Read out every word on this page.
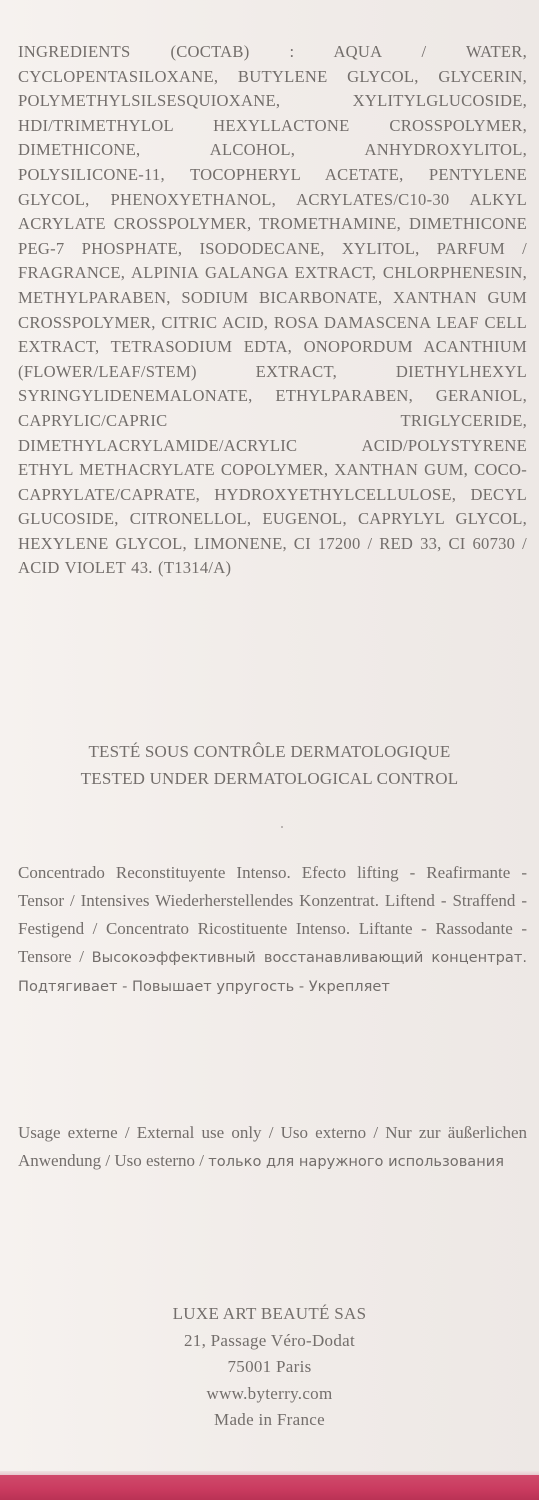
INGREDIENTS (COCTAB) : AQUA / WATER, CYCLOPENTASILOXANE, BUTYLENE GLYCOL, GLYCERIN, POLYMETHYLSILSESQUIOXANE, XYLITYLGLUCOSIDE, HDI/TRIMETHYLOL HEXYLLACTONE CROSSPOLYMER, DIMETHICONE, ALCOHOL, ANHYDROXYLITOL, POLYSILICONE-11, TOCOPHERYL ACETATE, PENTYLENE GLYCOL, PHENOXYETHANOL, ACRYLATES/C10-30 ALKYL ACRYLATE CROSSPOLYMER, TROMETHAMINE, DIMETHICONE PEG-7 PHOSPHATE, ISODODECANE, XYLITOL, PARFUM / FRAGRANCE, ALPINIA GALANGA EXTRACT, CHLORPHENESIN, METHYLPARABEN, SODIUM BICARBONATE, XANTHAN GUM CROSSPOLYMER, CITRIC ACID, ROSA DAMASCENA LEAF CELL EXTRACT, TETRASODIUM EDTA, ONOPORDUM ACANTHIUM (FLOWER/LEAF/STEM) EXTRACT, DIETHYLHEXYL SYRINGYLIDENEMALONATE, ETHYLPARABEN, GERANIOL, CAPRYLIC/CAPRIC TRIGLYCERIDE, DIMETHYLACRYLAMIDE/ACRYLIC ACID/POLYSTYRENE ETHYL METHACRYLATE COPOLYMER, XANTHAN GUM, COCO-CAPRYLATE/CAPRATE, HYDROXYETHYLCELLULOSE, DECYL GLUCOSIDE, CITRONELLOL, EUGENOL, CAPRYLYL GLYCOL, HEXYLENE GLYCOL, LIMONENE, CI 17200 / RED 33, CI 60730 / ACID VIOLET 43. (T1314/A)
TESTÉ SOUS CONTRÔLE DERMATOLOGIQUE
TESTED UNDER DERMATOLOGICAL CONTROL
Concentrado Reconstituyente Intenso. Efecto lifting - Reafirmante - Tensor / Intensives Wiederherstellendes Konzentrat. Liftend - Straffend - Festigend / Concentrato Ricostituente Intenso. Liftante - Rassodante - Tensore / Высокоэффективный восстанавливающий концентрат. Подтягивает - Повышает упругость - Укрепляет
Usage externe / External use only / Uso externo / Nur zur äußerlichen Anwendung / Uso esterno / только для наружного использования
LUXE ART BEAUTÉ SAS
21, Passage Véro-Dodat
75001 Paris
www.byterry.com
Made in France
